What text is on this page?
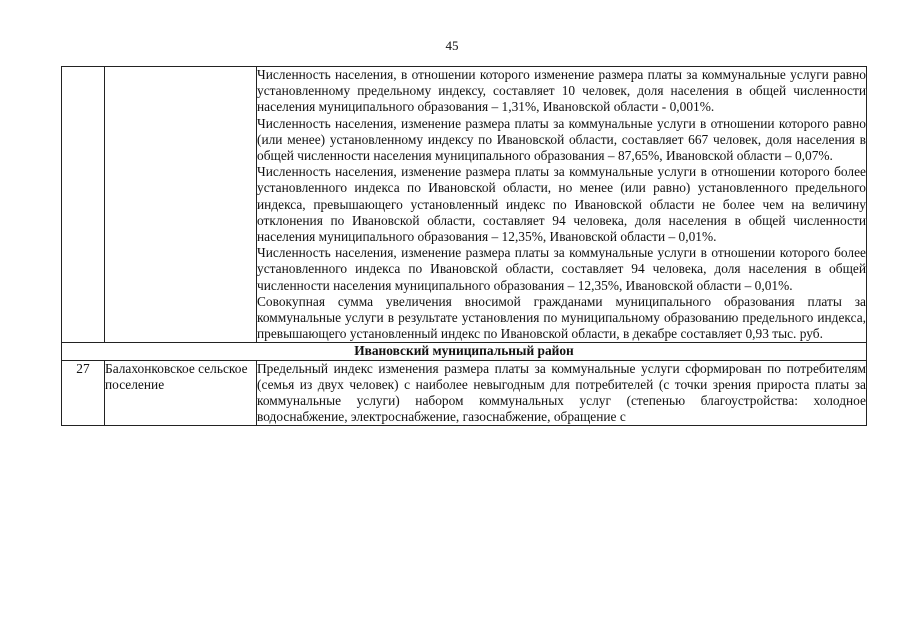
45

		Численность населения, в отношении которого изменение размера платы за коммунальные услуги равно установленному предельному индексу, составляет 10 человек, доля населения в общей численности населения муниципального образования – 1,31%, Ивановской области - 0,001%.

Численность населения, изменение размера платы за коммунальные услуги в отношении которого равно (или менее) установленному индексу по Ивановской области, составляет 667 человек, доля населения в общей численности населения муниципального образования – 87,65%, Ивановской области – 0,07%.

Численность населения, изменение размера платы за коммунальные услуги в отношении которого более установленного индекса по Ивановской области, но менее (или равно) установленного предельного индекса, превышающего установленный индекс по Ивановской области не более чем на величину отклонения по Ивановской области, составляет 94 человека, доля населения в общей численности населения муниципального образования – 12,35%, Ивановской области – 0,01%.

Численность населения, изменение размера платы за коммунальные услуги в отношении которого более установленного индекса по Ивановской области, составляет 94 человека, доля населения в общей численности населения муниципального образования – 12,35%, Ивановской области – 0,01%.

Совокупная сумма увеличения вносимой гражданами муниципального образования платы за коммунальные услуги в результате установления по муниципальному образованию предельного индекса, превышающего установленный индекс по Ивановской области, в декабре составляет 0,93 тыс. руб.

Ивановский муниципальный район		
27	Балахонковское сельское поселение	Предельный индекс изменения размера платы за коммунальные услуги сформирован по потребителям (семья из двух человек) с наиболее невыгодным для потребителей (с точки зрения прироста платы за коммунальные услуги) набором коммунальных услуг (степенью благоустройства: холодное водоснабжение, электроснабжение, газоснабжение, обращение с
